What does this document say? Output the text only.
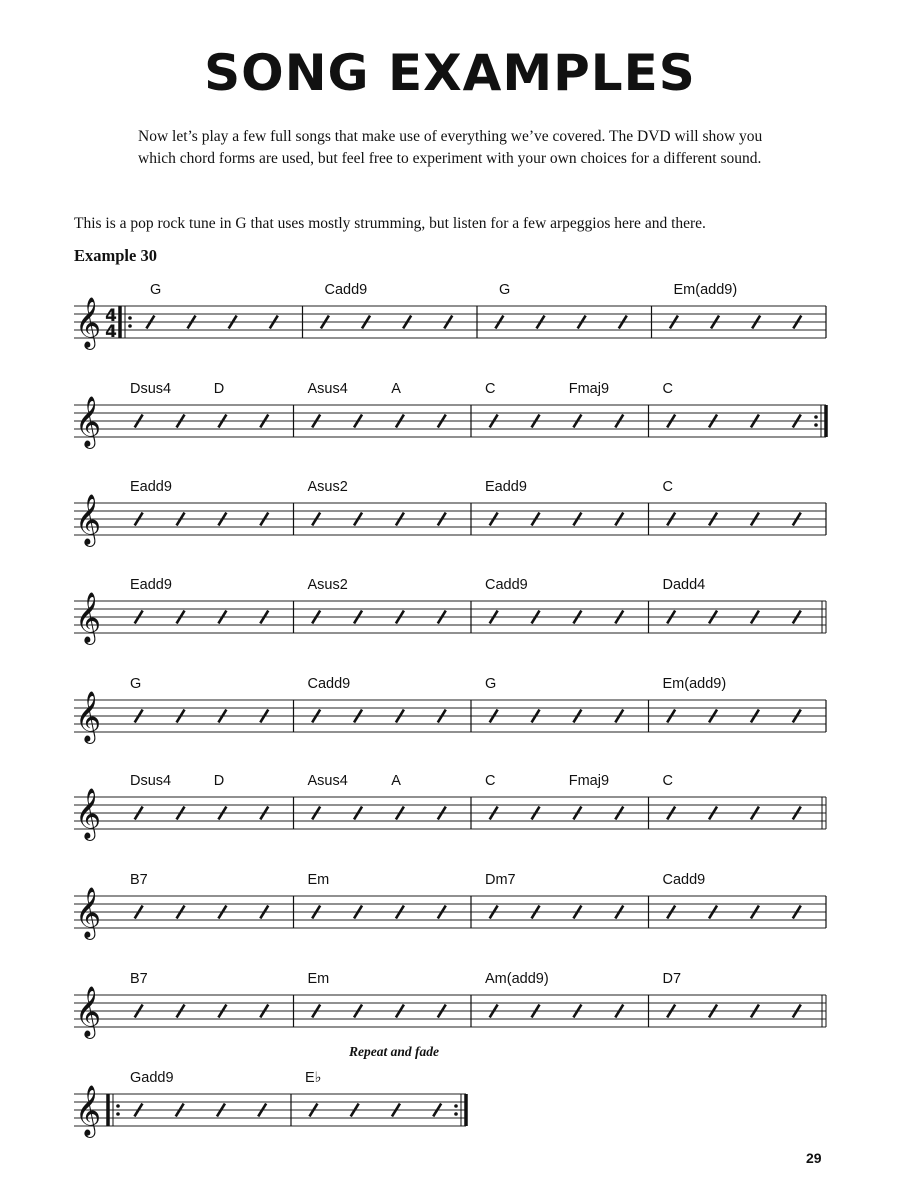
SONG EXAMPLES

Now let’s play a few full songs that make use of everything we’ve covered. The DVD will show you which chord forms are used, but feel free to experiment with your own choices for a different sound.

This is a pop rock tune in G that uses mostly strumming, but listen for a few arpeggios here and there.

Example 30
𝄞 4
4
G	Cadd9	G	Em(add9)
𝄞
Dsus4	D	Asus4	A	C	Fmaj9	C
𝄞
Eadd9	Asus2	Eadd9	C
𝄞
Eadd9	Asus2	Cadd9	Dadd4
𝄞
G	Cadd9	G	Em(add9)
𝄞
Dsus4	D	Asus4	A	C	Fmaj9	C
𝄞
B7	Em	Dm7	Cadd9
𝄞
B7	Em	Am(add9)	D7
𝄞
Gadd9	E♭
Repeat and fade
29
